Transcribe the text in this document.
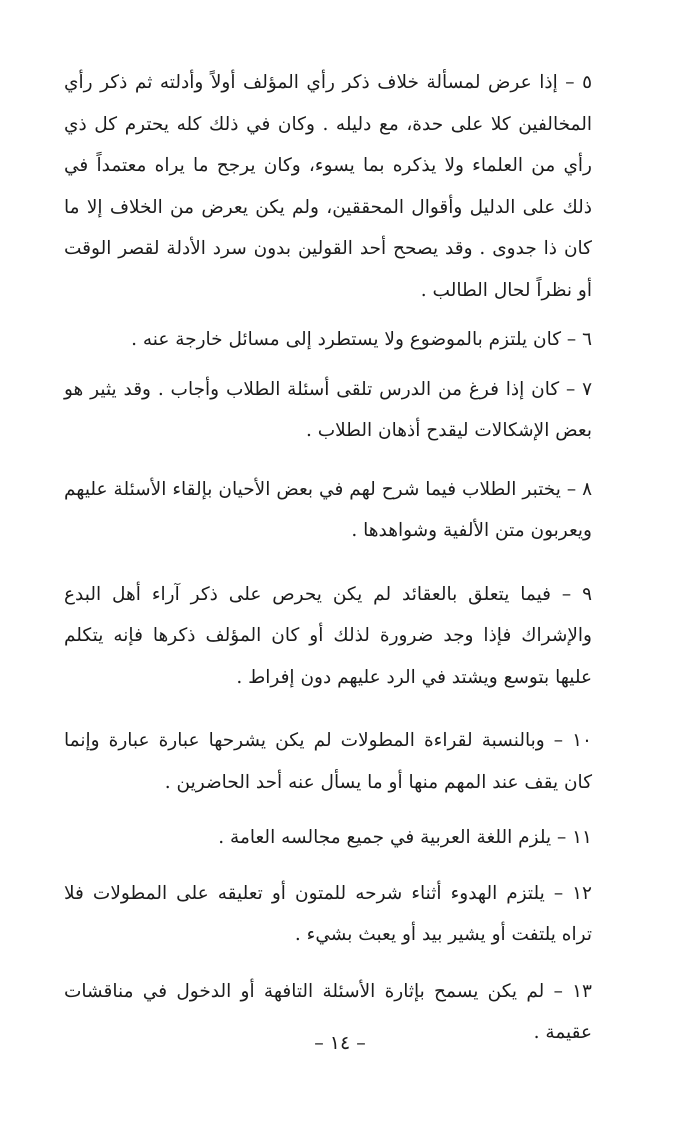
٥ – إذا عرض لمسألة خلاف ذكر رأي المؤلف أولاً وأدلته ثم ذكر رأي المخالفين كلا على حدة، مع دليله . وكان في ذلك كله يحترم كل ذي رأي من العلماء ولا يذكره بما يسوء، وكان يرجح ما يراه معتمداً في ذلك على الدليل وأقوال المحققين، ولم يكن يعرض من الخلاف إلا ما كان ذا جدوى . وقد يصحح أحد القولين بدون سرد الأدلة لقصر الوقت أو نظراً لحال الطالب .

٦ – كان يلتزم بالموضوع ولا يستطرد إلى مسائل خارجة عنه .

٧ – كان إذا فرغ من الدرس تلقى أسئلة الطلاب وأجاب . وقد يثير هو بعض الإشكالات ليقدح أذهان الطلاب .

٨ – يختبر الطلاب فيما شرح لهم في بعض الأحيان بإلقاء الأسئلة عليهم ويعربون متن الألفية وشواهدها .

٩ – فيما يتعلق بالعقائد لم يكن يحرص على ذكر آراء أهل البدع والإشراك فإذا وجد ضرورة لذلك أو كان المؤلف ذكرها فإنه يتكلم عليها بتوسع ويشتد في الرد عليهم دون إفراط .

١٠ – وبالنسبة لقراءة المطولات لم يكن يشرحها عبارة عبارة وإنما كان يقف عند المهم منها أو ما يسأل عنه أحد الحاضرين .

١١ – يلزم اللغة العربية في جميع مجالسه العامة .

١٢ – يلتزم الهدوء أثناء شرحه للمتون أو تعليقه على المطولات فلا تراه يلتفت أو يشير بيد أو يعبث بشيء .

١٣ – لم يكن يسمح بإثارة الأسئلة التافهة أو الدخول في مناقشات عقيمة .

– ١٤ –
